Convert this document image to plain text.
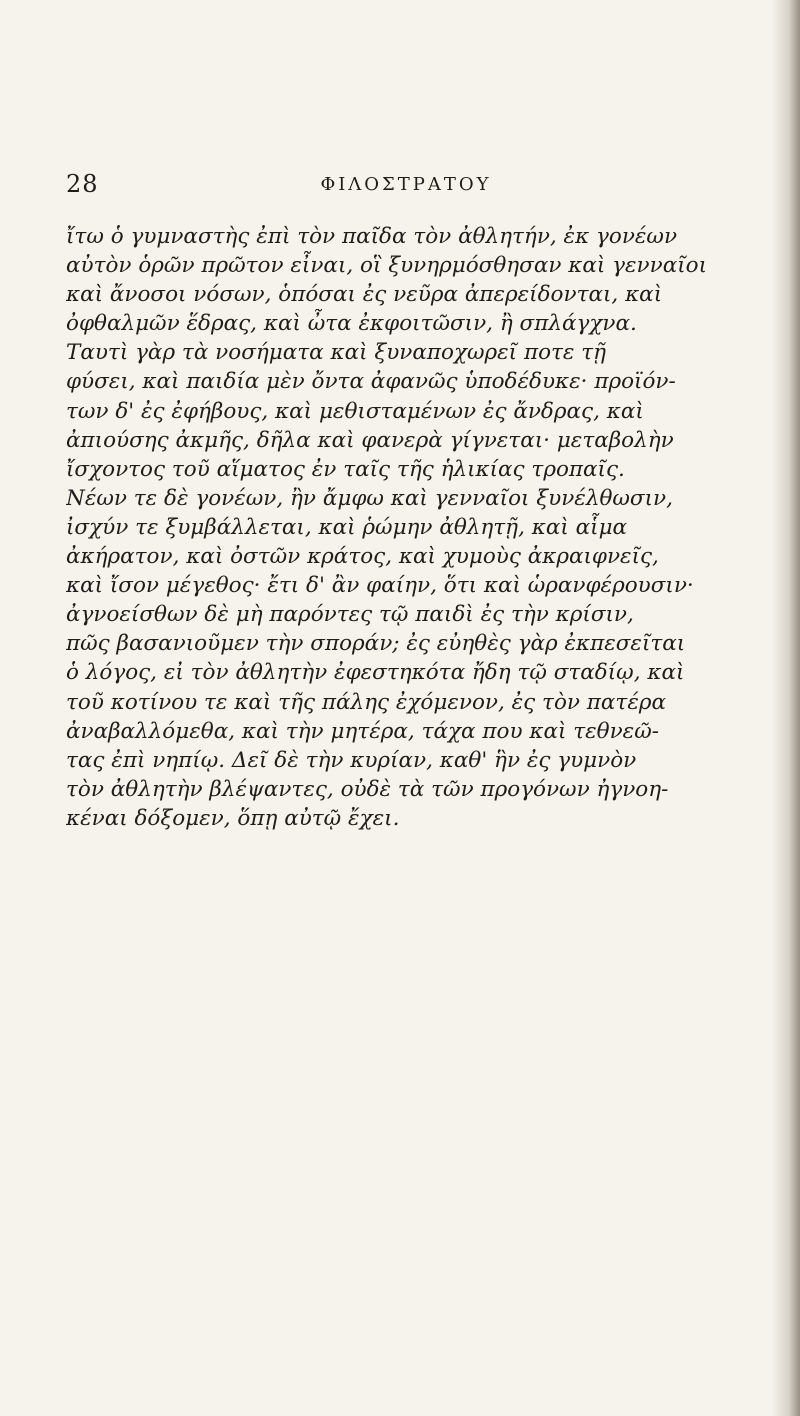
28	ΦΙΛΟΣΤΡΑΤΟΥ
ἴτω ὁ γυμναστὴς ἐπὶ τὸν παῖδα τὸν ἀθλητήν, ἐκ γονέων
αὐτὸν ὁρῶν πρῶτον εἶναι, οἳ ξυνηρμόσθησαν καὶ γενναῖοι
καὶ ἄνοσοι νόσων, ὁπόσαι ἐς νεῦρα ἀπερείδονται, καὶ
ὀφθαλμῶν ἕδρας, καὶ ὦτα ἐκφοιτῶσιν, ἢ σπλάγχνα.
Ταυτὶ γὰρ τὰ νοσήματα καὶ ξυναποχωρεῖ ποτε τῇ
φύσει, καὶ παιδία μὲν ὄντα ἀφανῶς ὑποδέδυκε· προϊόν-
των δ' ἐς ἐφήβους, καὶ μεθισταμένων ἐς ἄνδρας, καὶ
ἀπιούσης ἀκμῆς, δῆλα καὶ φανερὰ γίγνεται· μεταβολὴν
ἴσχοντος τοῦ αἵματος ἐν ταῖς τῆς ἡλικίας τροπαῖς.
Νέων τε δὲ γονέων, ἢν ἄμφω καὶ γενναῖοι ξυνέλθωσιν,
ἰσχύν τε ξυμβάλλεται, καὶ ῥώμην ἀθλητῇ, καὶ αἷμα
ἀκήρατον, καὶ ὀστῶν κράτος, καὶ χυμοὺς ἀκραιφνεῖς,
καὶ ἴσον μέγεθος· ἔτι δ' ἂν φαίην, ὅτι καὶ ὡρανφέρουσιν·
ἀγνοείσθων δὲ μὴ παρόντες τῷ παιδὶ ἐς τὴν κρίσιν,
πῶς βασανιοῦμεν τὴν σποράν; ἐς εὐηθὲς γὰρ ἐκπεσεῖται
ὁ λόγος, εἰ τὸν ἀθλητὴν ἐφεστηκότα ἤδη τῷ σταδίῳ, καὶ
τοῦ κοτίνου τε καὶ τῆς πάλης ἐχόμενον, ἐς τὸν πατέρα
ἀναβαλλόμεθα, καὶ τὴν μητέρα, τάχα που καὶ τεθνεῶ-
τας ἐπὶ νηπίῳ. Δεῖ δὲ τὴν κυρίαν, καθ' ἣν ἐς γυμνὸν
τὸν ἀθλητὴν βλέψαντες, οὐδὲ τὰ τῶν προγόνων ἠγνοη-
κέναι δόξομεν, ὅπῃ αὐτῷ ἔχει.
